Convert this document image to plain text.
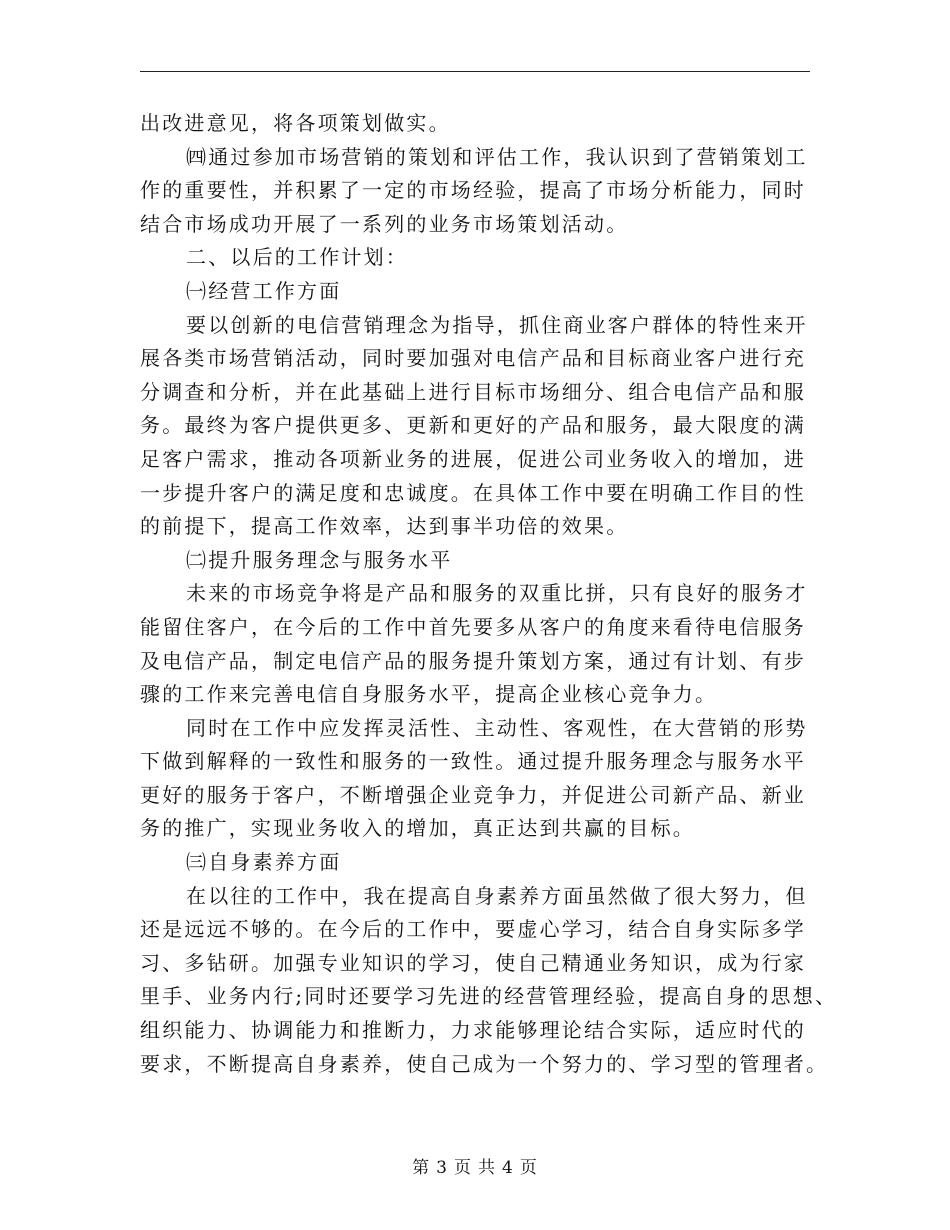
出改进意见，将各项策划做实。
㈣通过参加市场营销的策划和评估工作，我认识到了营销策划工
作的重要性，并积累了一定的市场经验，提高了市场分析能力，同时
结合市场成功开展了一系列的业务市场策划活动。
二、以后的工作计划：
㈠经营工作方面
要以创新的电信营销理念为指导，抓住商业客户群体的特性来开
展各类市场营销活动，同时要加强对电信产品和目标商业客户进行充
分调查和分析，并在此基础上进行目标市场细分、组合电信产品和服
务。最终为客户提供更多、更新和更好的产品和服务，最大限度的满
足客户需求，推动各项新业务的进展，促进公司业务收入的增加，进
一步提升客户的满足度和忠诚度。在具体工作中要在明确工作目的性
的前提下，提高工作效率，达到事半功倍的效果。
㈡提升服务理念与服务水平
未来的市场竞争将是产品和服务的双重比拼，只有良好的服务才
能留住客户，在今后的工作中首先要多从客户的角度来看待电信服务
及电信产品，制定电信产品的服务提升策划方案，通过有计划、有步
骤的工作来完善电信自身服务水平，提高企业核心竞争力。
同时在工作中应发挥灵活性、主动性、客观性，在大营销的形势
下做到解释的一致性和服务的一致性。通过提升服务理念与服务水平
更好的服务于客户，不断增强企业竞争力，并促进公司新产品、新业
务的推广，实现业务收入的增加，真正达到共赢的目标。
㈢自身素养方面
在以往的工作中，我在提高自身素养方面虽然做了很大努力，但
还是远远不够的。在今后的工作中，要虚心学习，结合自身实际多学
习、多钻研。加强专业知识的学习，使自己精通业务知识，成为行家
里手、业务内行;同时还要学习先进的经营管理经验，提高自身的思想、
组织能力、协调能力和推断力，力求能够理论结合实际，适应时代的
要求，不断提高自身素养，使自己成为一个努力的、学习型的管理者。
第 3 页 共 4 页
